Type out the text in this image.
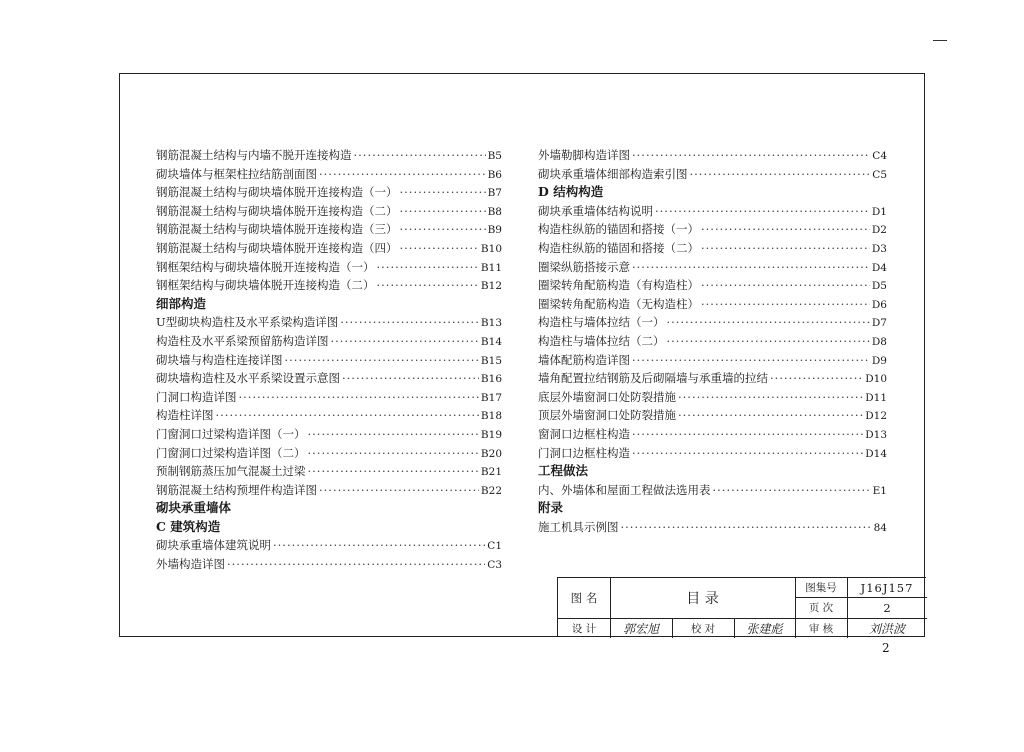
钢筋混凝土结构与内墙不脱开连接构造 ·····	B5
砌块墙体与框架柱拉结筋剖面图 ·····	B6
钢筋混凝土结构与砌块墙体脱开连接构造（一） ·····	B7
钢筋混凝土结构与砌块墙体脱开连接构造（二） ·····	B8
钢筋混凝土结构与砌块墙体脱开连接构造（三） ·····	B9
钢筋混凝土结构与砌块墙体脱开连接构造（四） ·····	B10
钢框架结构与砌块墙体脱开连接构造（一） ·····	B11
钢框架结构与砌块墙体脱开连接构造（二） ·····	B12
细部构造
U型砌块构造柱及水平系梁构造详图 ·····	B13
构造柱及水平系梁预留筋构造详图 ·····	B14
砌块墙与构造柱连接详图 ·····	B15
砌块墙构造柱及水平系梁设置示意图 ·····	B16
门洞口构造详图 ·····	B17
构造柱详图 ·····	B18
门窗洞口过梁构造详图（一） ·····	B19
门窗洞口过梁构造详图（二） ·····	B20
预制钢筋蒸压加气混凝土过梁 ·····	B21
钢筋混凝土结构预埋件构造详图 ·····	B22
砌块承重墙体
C 建筑构造
砌块承重墙体建筑说明 ·····	C1
外墙构造详图 ·····	C3
外墙勒脚构造详图 ·····	C4
砌块承重墙体细部构造索引图 ·····	C5
D 结构构造
砌块承重墙体结构说明 ·····	D1
构造柱纵筋的锚固和搭接（一） ·····	D2
构造柱纵筋的锚固和搭接（二） ·····	D3
圈梁纵筋搭接示意 ·····	D4
圈梁转角配筋构造（有构造柱） ·····	D5
圈梁转角配筋构造（无构造柱） ·····	D6
构造柱与墙体拉结（一） ·····	D7
构造柱与墙体拉结（二） ·····	D8
墙体配筋构造详图 ·····	D9
墙角配置拉结钢筋及后砌隔墙与承重墙的拉结 ·····	D10
底层外墙窗洞口处防裂措施 ·····	D11
顶层外墙窗洞口处防裂措施 ·····	D12
窗洞口边框柱构造 ·····	D13
门洞口边框柱构造 ·····	D14
工程做法
内、外墙体和屋面工程做法选用表 ·····	E1
附录
施工机具示例图 ·····	84
图 名	目 录
图集号	J16J157
页 次	2
设 计	郭宏旭	校 对	张建彪	审 核	刘洪波
2
